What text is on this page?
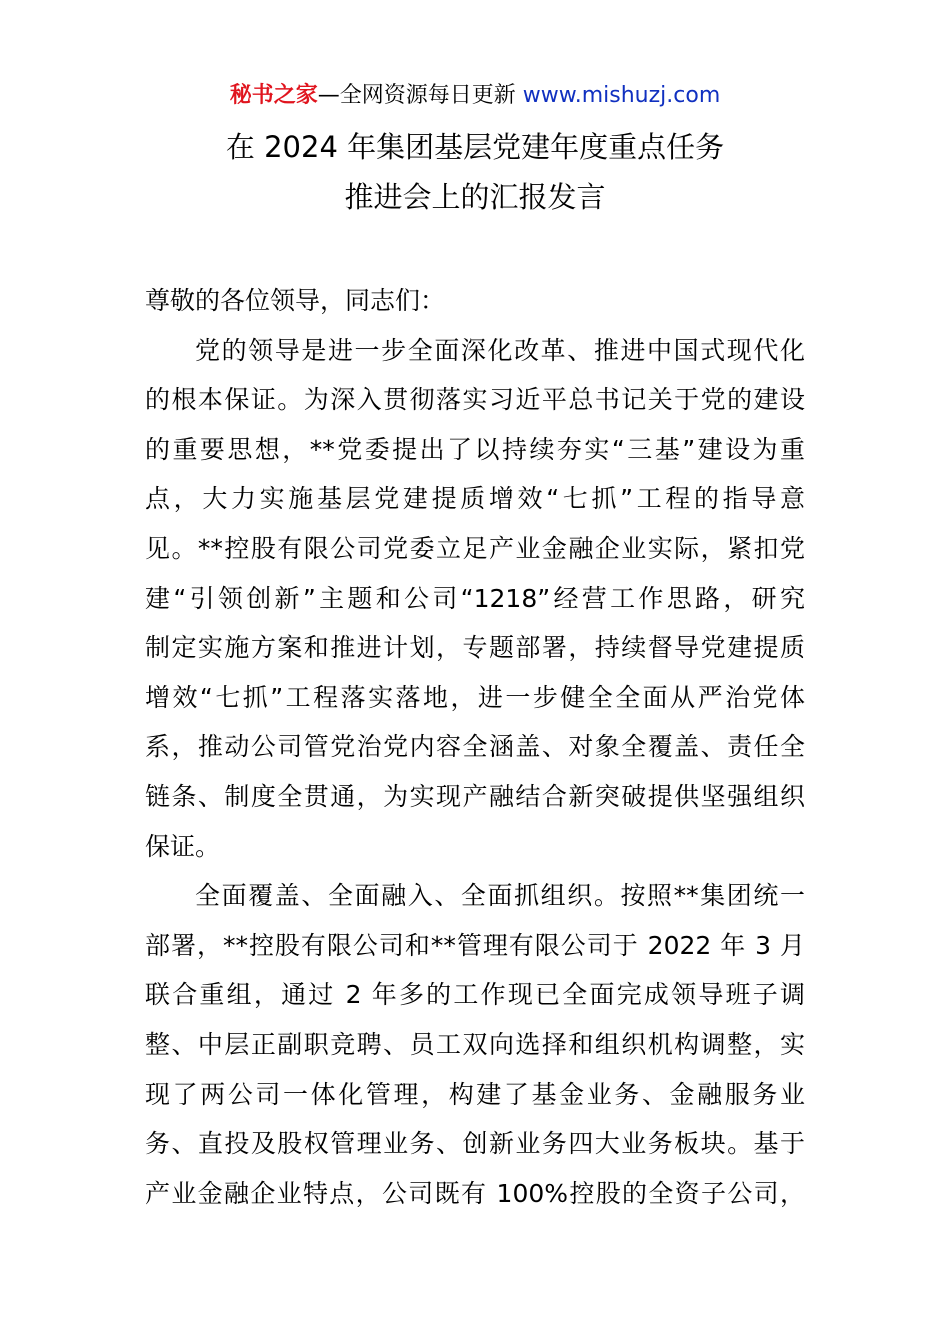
秘书之家—全网资源每日更新 www.mishuzj.com
在 2024 年集团基层党建年度重点任务
推进会上的汇报发言
尊敬的各位领导，同志们：
党的领导是进一步全面深化改革、推进中国式现代化
的根本保证。为深入贯彻落实习近平总书记关于党的建设
的重要思想，**党委提出了以持续夯实“三基”建设为重
点，大力实施基层党建提质增效“七抓”工程的指导意
见。**控股有限公司党委立足产业金融企业实际，紧扣党
建“引领创新”主题和公司“1218”经营工作思路，研究
制定实施方案和推进计划，专题部署，持续督导党建提质
增效“七抓”工程落实落地，进一步健全全面从严治党体
系，推动公司管党治党内容全涵盖、对象全覆盖、责任全
链条、制度全贯通，为实现产融结合新突破提供坚强组织
保证。
全面覆盖、全面融入、全面抓组织。按照**集团统一
部署，**控股有限公司和**管理有限公司于 2022 年 3 月
联合重组，通过 2 年多的工作现已全面完成领导班子调
整、中层正副职竞聘、员工双向选择和组织机构调整，实
现了两公司一体化管理，构建了基金业务、金融服务业
务、直投及股权管理业务、创新业务四大业务板块。基于
产业金融企业特点，公司既有 100%控股的全资子公司，
